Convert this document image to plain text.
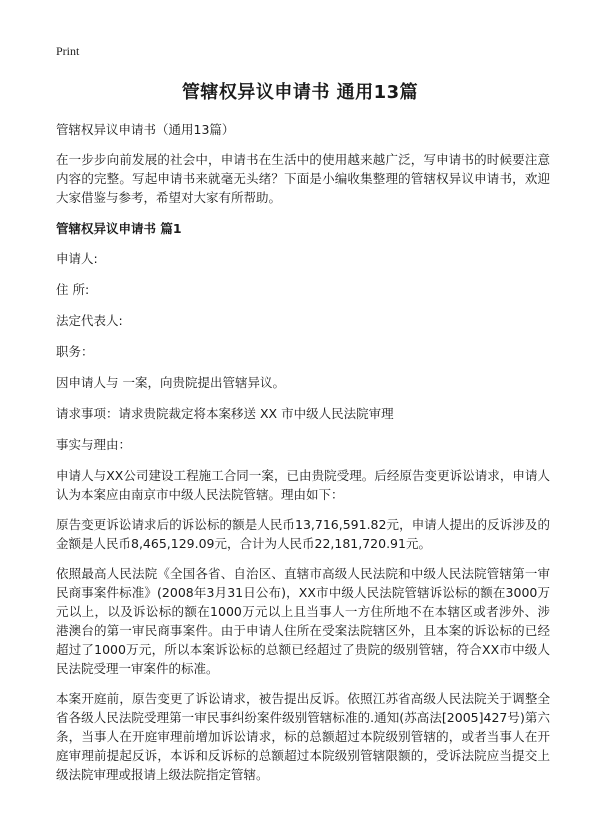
Print
管辖权异议申请书 通用13篇

管辖权异议申请书（通用13篇）

在一步步向前发展的社会中，申请书在生活中的使用越来越广泛，写申请书的时候要注意内容的完整。写起申请书来就毫无头绪？下面是小编收集整理的管辖权异议申请书，欢迎大家借鉴与参考，希望对大家有所帮助。

管辖权异议申请书 篇1

申请人:

住 所:

法定代表人:

职务：

因申请人与 一案，向贵院提出管辖异议。

请求事项：请求贵院裁定将本案移送 XX 市中级人民法院审理

事实与理由：

申请人与XX公司建设工程施工合同一案，已由贵院受理。后经原告变更诉讼请求，申请人认为本案应由南京市中级人民法院管辖。理由如下：

原告变更诉讼请求后的诉讼标的额是人民币13,716,591.82元，申请人提出的反诉涉及的金额是人民币8,465,129.09元，合计为人民币22,181,720.91元。

依照最高人民法院《全国各省、自治区、直辖市高级人民法院和中级人民法院管辖第一审民商事案件标准》(2008年3月31日公布)，XX市中级人民法院管辖诉讼标的额在3000万元以上，以及诉讼标的额在1000万元以上且当事人一方住所地不在本辖区或者涉外、涉港澳台的第一审民商事案件。由于申请人住所在受案法院辖区外，且本案的诉讼标的已经超过了1000万元，所以本案诉讼标的总额已经超过了贵院的级别管辖，符合XX市中级人民法院受理一审案件的标准。

本案开庭前，原告变更了诉讼请求，被告提出反诉。依照江苏省高级人民法院关于调整全省各级人民法院受理第一审民事纠纷案件级别管辖标准的.通知(苏高法[2005]427号)第六条，当事人在开庭审理前增加诉讼请求，标的总额超过本院级别管辖的，或者当事人在开庭审理前提起反诉，本诉和反诉标的总额超过本院级别管辖限额的，受诉法院应当提交上级法院审理或报请上级法院指定管辖。
